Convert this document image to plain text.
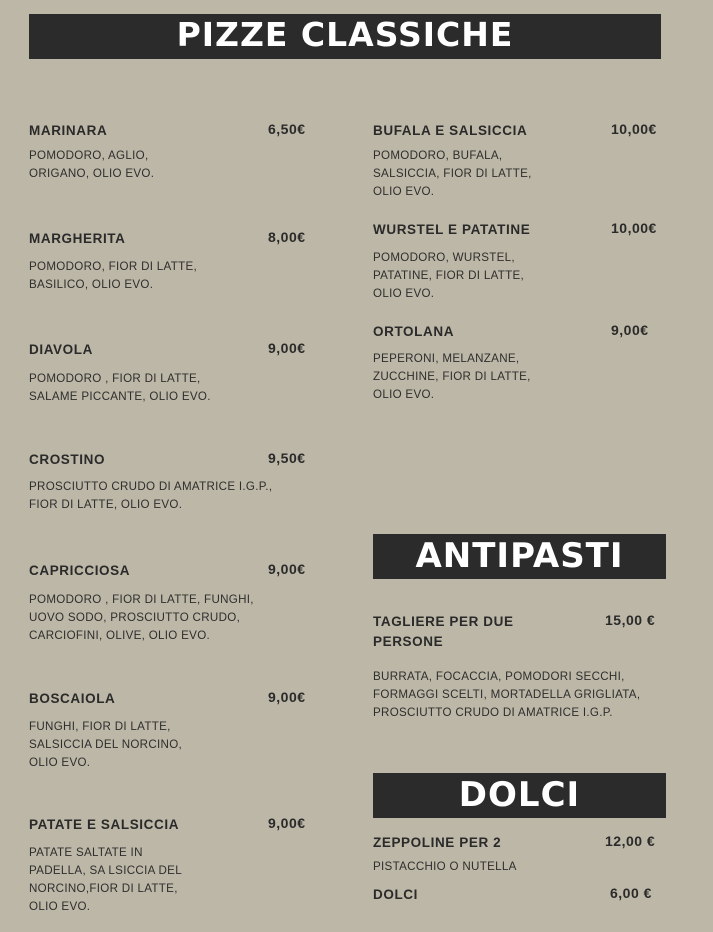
PIZZE CLASSICHE
ANTIPASTI
DOLCI
MARINARA	6,50€
POMODORO, AGLIO,
ORIGANO, OLIO EVO.
MARGHERITA	8,00€
POMODORO, FIOR DI LATTE,
BASILICO, OLIO EVO.
DIAVOLA	9,00€
POMODORO , FIOR DI LATTE,
SALAME PICCANTE, OLIO EVO.
CROSTINO	9,50€
PROSCIUTTO CRUDO DI AMATRICE I.G.P.,
FIOR DI LATTE, OLIO EVO.
CAPRICCIOSA	9,00€
POMODORO , FIOR DI LATTE, FUNGHI,
UOVO SODO, PROSCIUTTO CRUDO,
CARCIOFINI, OLIVE, OLIO EVO.
BOSCAIOLA	9,00€
FUNGHI, FIOR DI LATTE,
SALSICCIA DEL NORCINO,
OLIO EVO.
PATATE E SALSICCIA	9,00€
PATATE SALTATE IN
PADELLA, SA LSICCIA DEL
NORCINO,FIOR DI LATTE,
OLIO EVO.
BUFALA E SALSICCIA	10,00€
POMODORO, BUFALA,
SALSICCIA, FIOR DI LATTE,
OLIO EVO.
WURSTEL E PATATINE	10,00€
POMODORO, WURSTEL,
PATATINE, FIOR DI LATTE,
OLIO EVO.
ORTOLANA	9,00€
PEPERONI, MELANZANE,
ZUCCHINE, FIOR DI LATTE,
OLIO EVO.
TAGLIERE PER DUE
PERSONE
15,00 €
BURRATA, FOCACCIA, POMODORI SECCHI,
FORMAGGI SCELTI, MORTADELLA GRIGLIATA,
PROSCIUTTO CRUDO DI AMATRICE I.G.P.
ZEPPOLINE PER 2	12,00 €
PISTACCHIO O NUTELLA
DOLCI	6,00 €
